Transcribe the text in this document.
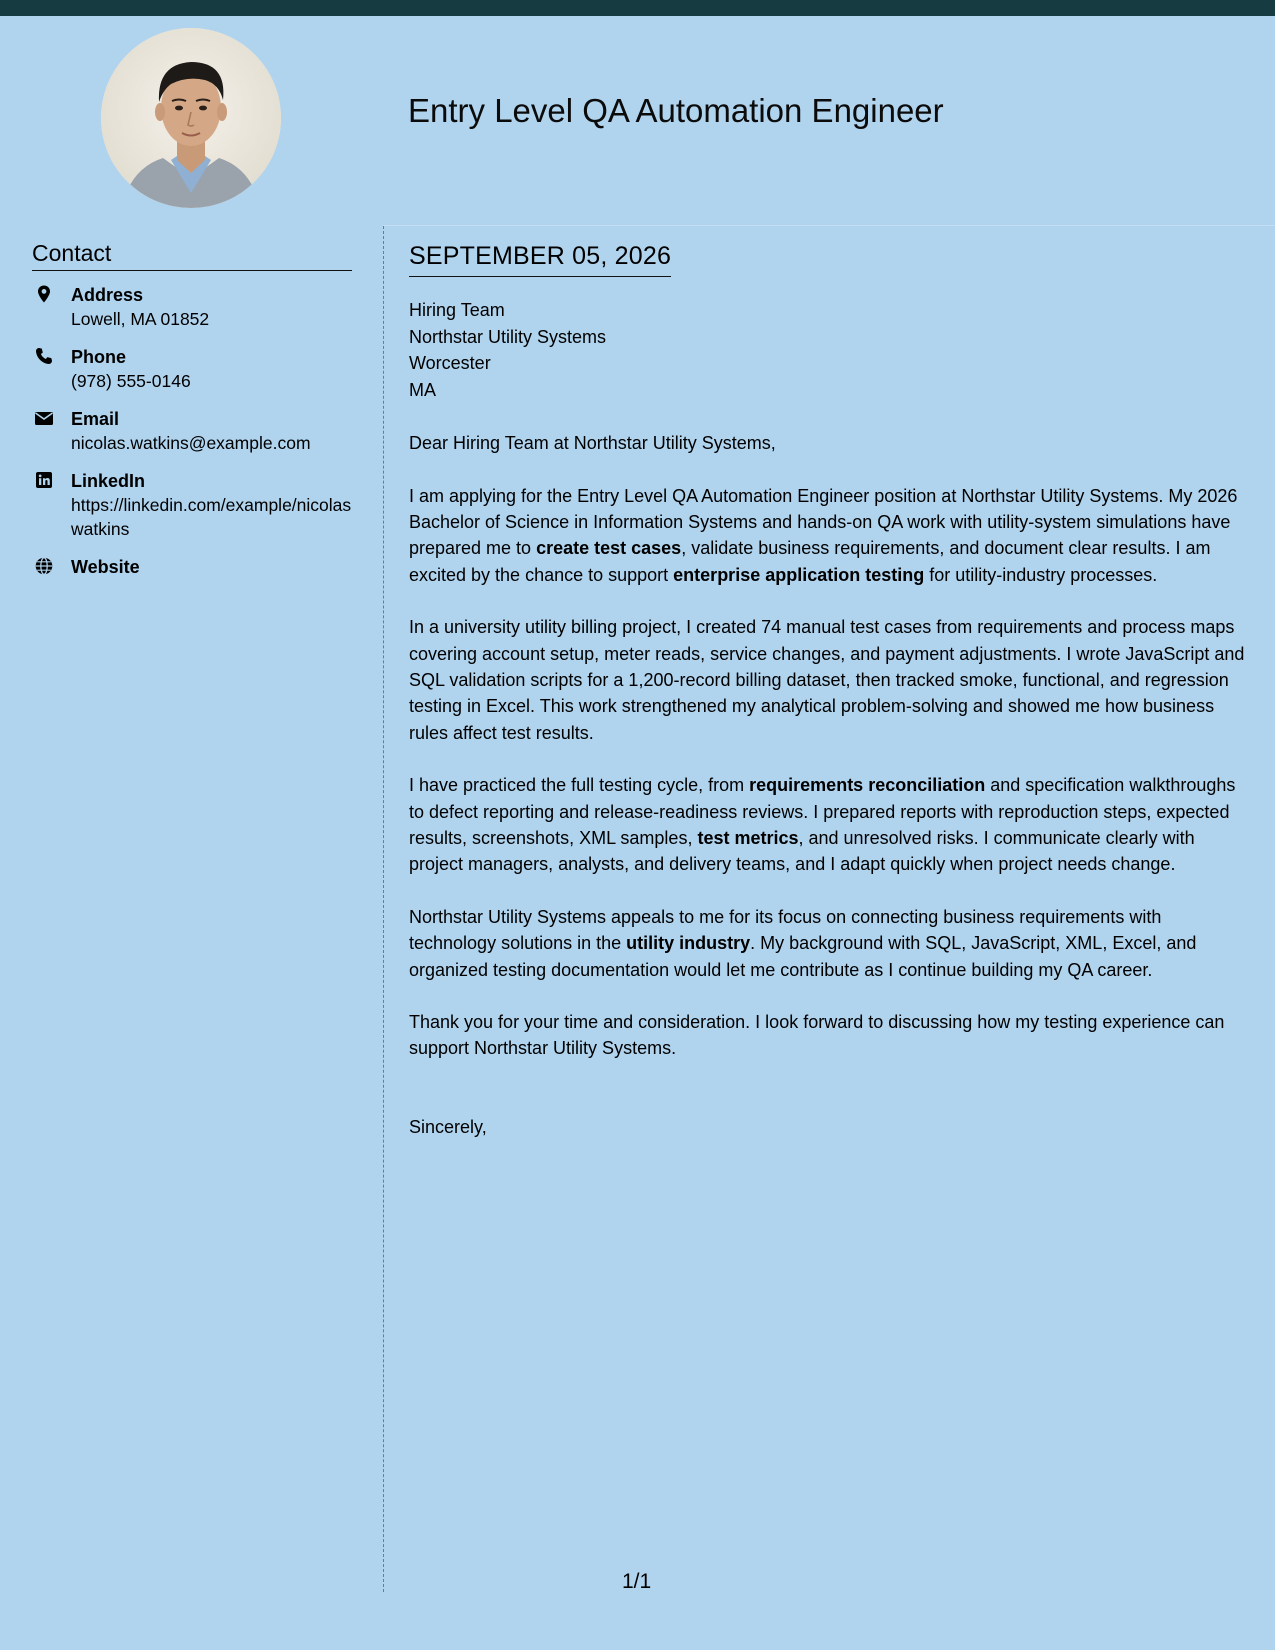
Entry Level QA Automation Engineer
Contact
Address
Lowell, MA 01852
Phone
(978) 555-0146
Email
nicolas.watkins@example.com
LinkedIn
https://linkedin.com/example/nicolaswatkins
Website
SEPTEMBER 05, 2026
Hiring Team
Northstar Utility Systems
Worcester
MA

Dear Hiring Team at Northstar Utility Systems,

I am applying for the Entry Level QA Automation Engineer position at Northstar Utility Systems. My 2026 Bachelor of Science in Information Systems and hands-on QA work with utility-system simulations have prepared me to create test cases, validate business requirements, and document clear results. I am excited by the chance to support enterprise application testing for utility-industry processes.

In a university utility billing project, I created 74 manual test cases from requirements and process maps covering account setup, meter reads, service changes, and payment adjustments. I wrote JavaScript and SQL validation scripts for a 1,200-record billing dataset, then tracked smoke, functional, and regression testing in Excel. This work strengthened my analytical problem-solving and showed me how business rules affect test results.

I have practiced the full testing cycle, from requirements reconciliation and specification walkthroughs to defect reporting and release-readiness reviews. I prepared reports with reproduction steps, expected results, screenshots, XML samples, test metrics, and unresolved risks. I communicate clearly with project managers, analysts, and delivery teams, and I adapt quickly when project needs change.

Northstar Utility Systems appeals to me for its focus on connecting business requirements with technology solutions in the utility industry. My background with SQL, JavaScript, XML, Excel, and organized testing documentation would let me contribute as I continue building my QA career.

Thank you for your time and consideration. I look forward to discussing how my testing experience can support Northstar Utility Systems.

Sincerely,

1/1
